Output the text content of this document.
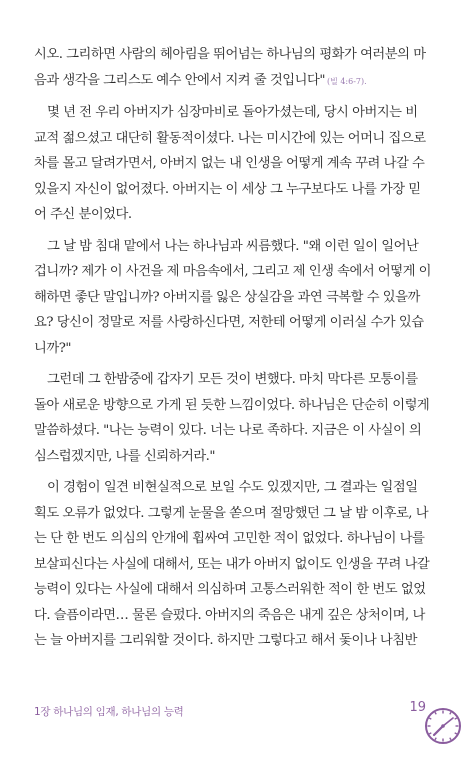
시오. 그리하면 사람의 헤아림을 뛰어넘는 하나님의 평화가 여러분의 마
음과 생각을 그리스도 예수 안에서 지켜 줄 것입니다" (빌 4:6-7).

몇 년 전 우리 아버지가 심장마비로 돌아가셨는데, 당시 아버지는 비
교적 젊으셨고 대단히 활동적이셨다. 나는 미시간에 있는 어머니 집으로
차를 몰고 달려가면서, 아버지 없는 내 인생을 어떻게 계속 꾸려 나갈 수
있을지 자신이 없어졌다. 아버지는 이 세상 그 누구보다도 나를 가장 믿
어 주신 분이었다.

그 날 밤 침대 맡에서 나는 하나님과 씨름했다. "왜 이런 일이 일어난
겁니까? 제가 이 사건을 제 마음속에서, 그리고 제 인생 속에서 어떻게 이
해하면 좋단 말입니까? 아버지를 잃은 상실감을 과연 극복할 수 있을까
요? 당신이 정말로 저를 사랑하신다면, 저한테 어떻게 이러실 수가 있습
니까?"

그런데 그 한밤중에 갑자기 모든 것이 변했다. 마치 막다른 모퉁이를
돌아 새로운 방향으로 가게 된 듯한 느낌이었다. 하나님은 단순히 이렇게
말씀하셨다. "나는 능력이 있다. 너는 나로 족하다. 지금은 이 사실이 의
심스럽겠지만, 나를 신뢰하거라."

이 경험이 일견 비현실적으로 보일 수도 있겠지만, 그 결과는 일점일
획도 오류가 없었다. 그렇게 눈물을 쏟으며 절망했던 그 날 밤 이후로, 나
는 단 한 번도 의심의 안개에 휩싸여 고민한 적이 없었다. 하나님이 나를
보살피신다는 사실에 대해서, 또는 내가 아버지 없이도 인생을 꾸려 나갈
능력이 있다는 사실에 대해서 의심하며 고통스러워한 적이 한 번도 없었
다. 슬픔이라면… 물론 슬펐다. 아버지의 죽음은 내게 깊은 상처이며, 나
는 늘 아버지를 그리워할 것이다. 하지만 그렇다고 해서 돛이나 나침반

1장 하나님의 임재, 하나님의 능력	19
